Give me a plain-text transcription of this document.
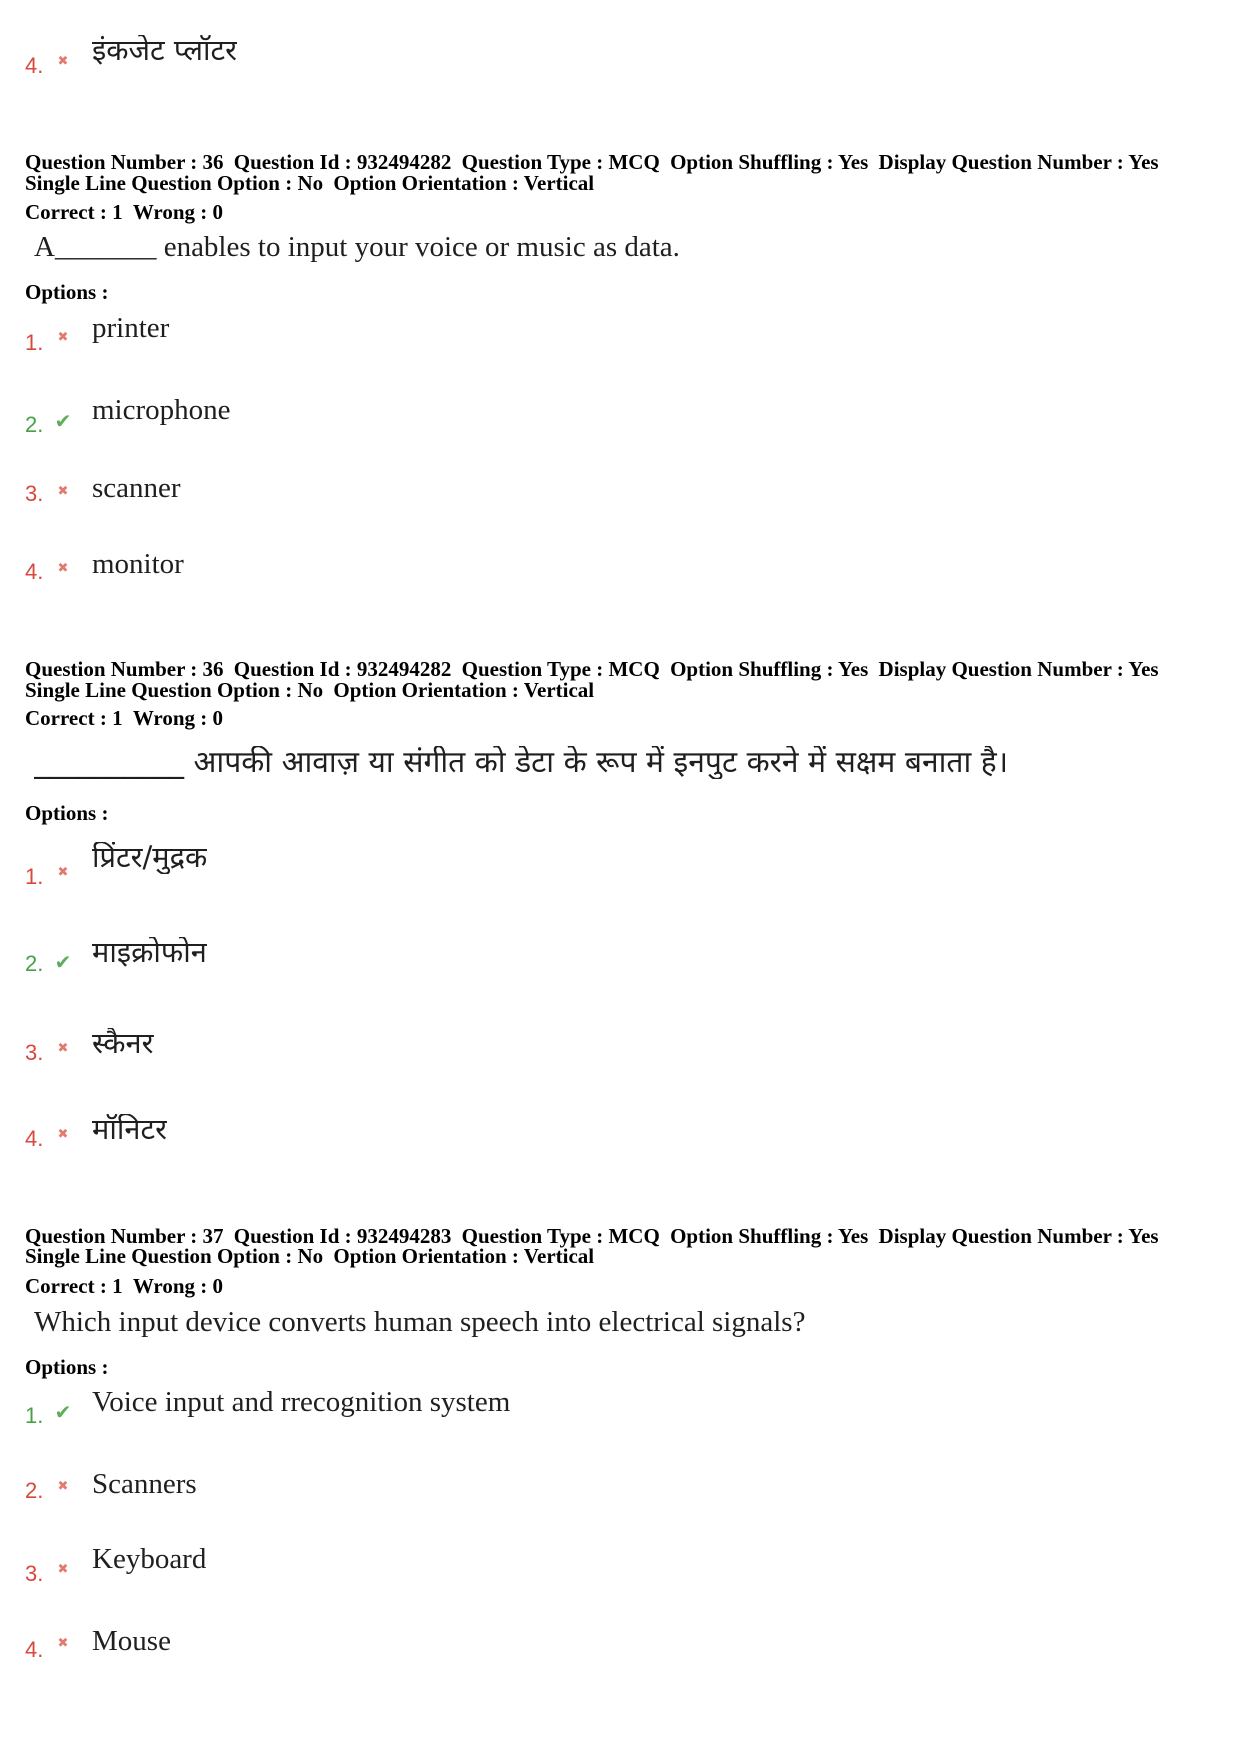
4. ✖ इंकजेट प्लॉटर
Question Number : 36 Question Id : 932494282 Question Type : MCQ Option Shuffling : Yes Display Question Number : Yes
Single Line Question Option : No Option Orientation : Vertical
Correct : 1 Wrong : 0
A_______ enables to input your voice or music as data.
Options :
1. ✖ printer
2. ✔ microphone
3. ✖ scanner
4. ✖ monitor
Question Number : 36 Question Id : 932494282 Question Type : MCQ Option Shuffling : Yes Display Question Number : Yes
Single Line Question Option : No Option Orientation : Vertical
Correct : 1 Wrong : 0
__________ आपकी आवाज़ या संगीत को डेटा के रूप में इनपुट करने में सक्षम बनाता है।
Options :
1.
✖
प्रिंटर/मुद्रक
2. ✔ माइक्रोफोन
3. ✖ स्कैनर
4. ✖ मॉनिटर
Question Number : 37 Question Id : 932494283 Question Type : MCQ Option Shuffling : Yes Display Question Number : Yes
Single Line Question Option : No Option Orientation : Vertical
Correct : 1 Wrong : 0
Which input device converts human speech into electrical signals?
Options :
1. ✔ Voice input and rrecognition system
2. ✖ Scanners
3. ✖ Keyboard
4. ✖ Mouse
